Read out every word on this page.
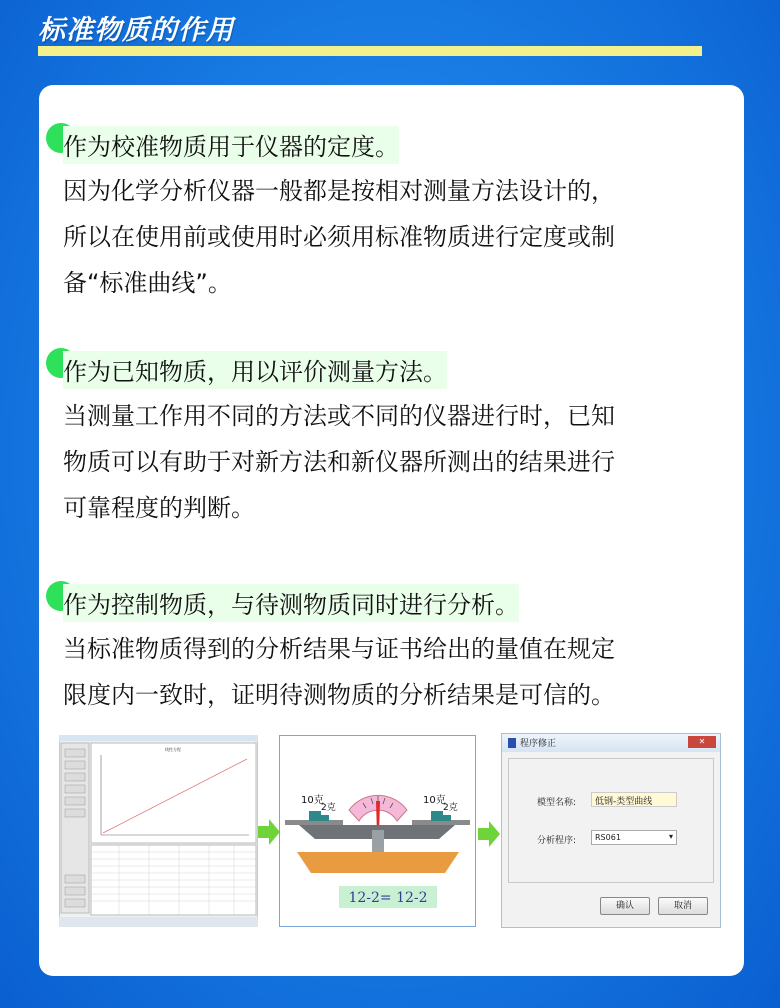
标准物质的作用
作为校准物质用于仪器的定度。
因为化学分析仪器一般都是按相对测量方法设计的，
所以在使用前或使用时必须用标准物质进行定度或制
备“标准曲线”。
作为已知物质，用以评价测量方法。
当测量工作用不同的方法或不同的仪器进行时，已知
物质可以有助于对新方法和新仪器所测出的结果进行
可靠程度的判断。
作为控制物质，与待测物质同时进行分析。
当标准物质得到的分析结果与证书给出的量值在规定
限度内一致时，证明待测物质的分析结果是可信的。
线性方程
10克
2克
10克
2克
12-2= 12-2
程序修正	✕
模型名称:	低钢-类型曲线
分析程序:	RS061	▾
确认	取消
